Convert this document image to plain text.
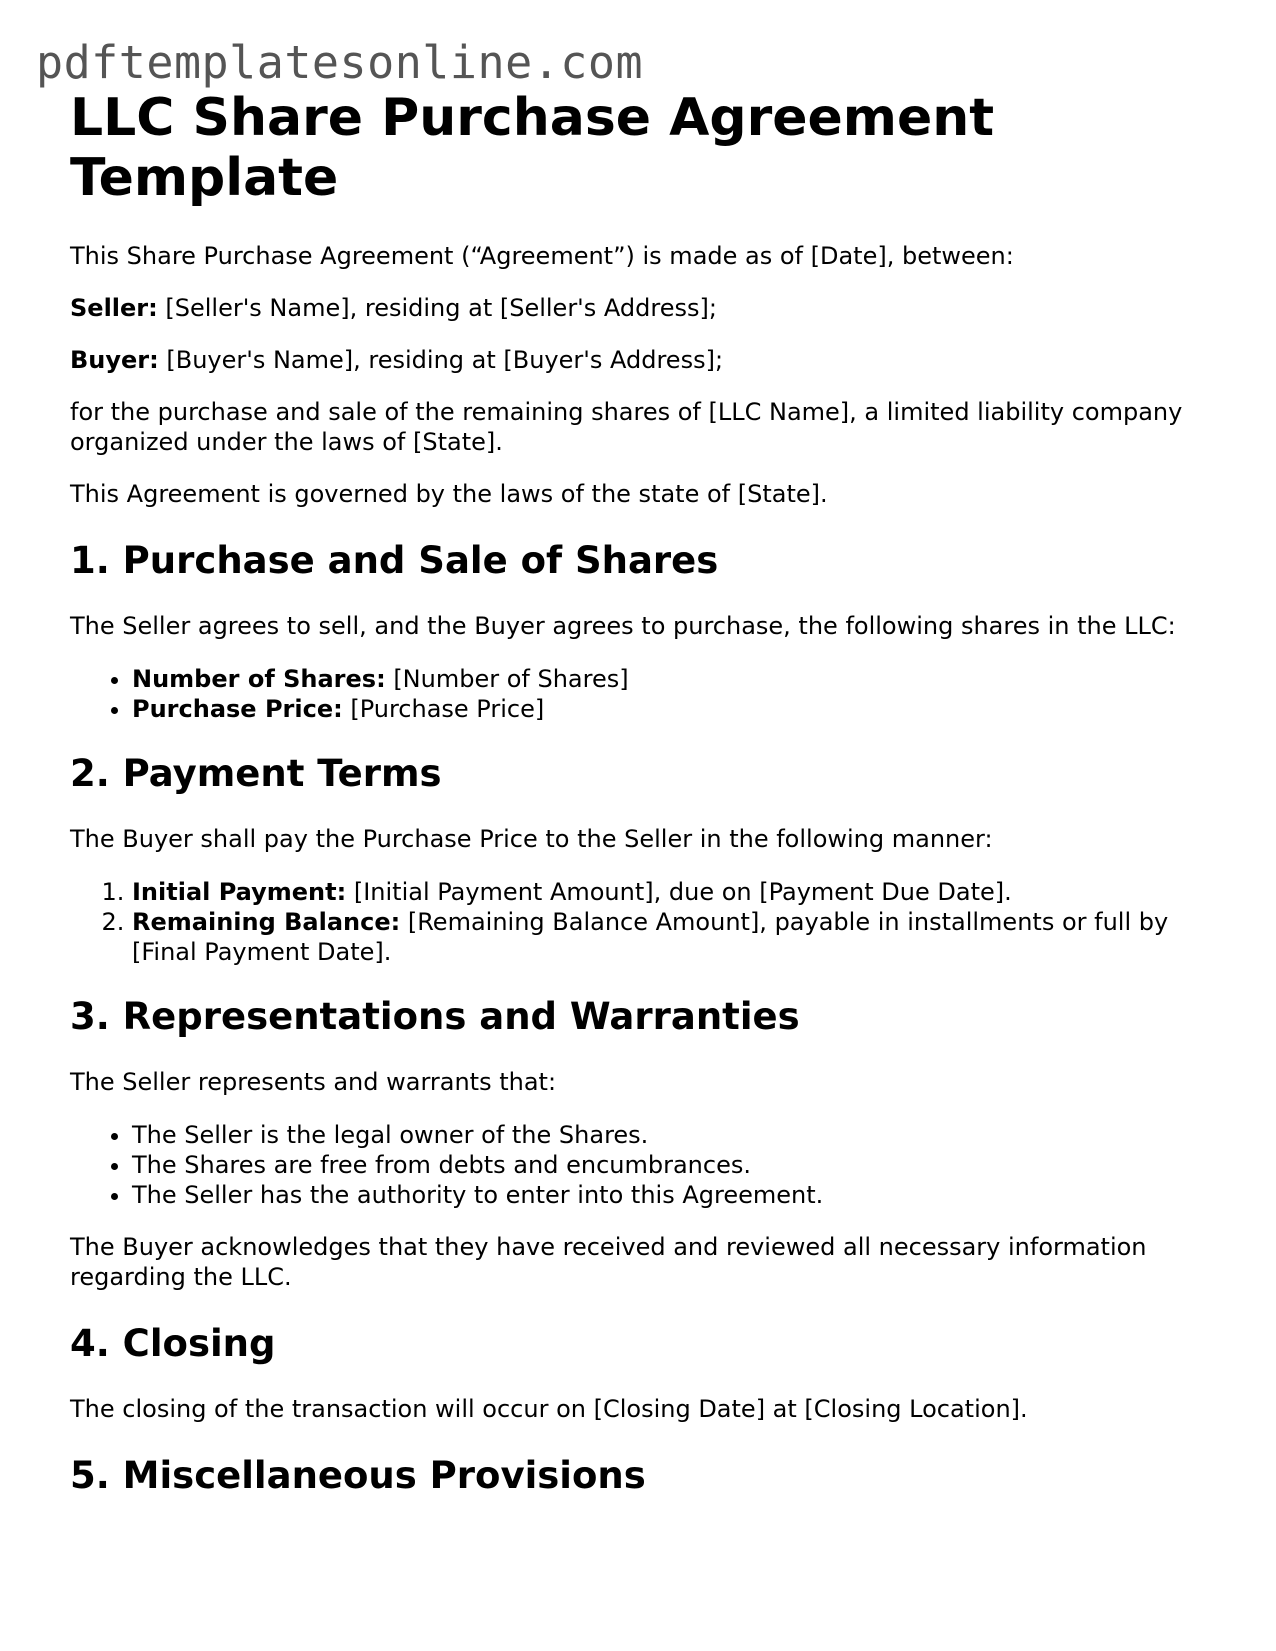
pdftemplatesonline.com
LLC Share Purchase Agreement Template

This Share Purchase Agreement (“Agreement”) is made as of [Date], between:

Seller: [Seller's Name], residing at [Seller's Address];

Buyer: [Buyer's Name], residing at [Buyer's Address];

for the purchase and sale of the remaining shares of [LLC Name], a limited liability company organized under the laws of [State].

This Agreement is governed by the laws of the state of [State].

1. Purchase and Sale of Shares

The Seller agrees to sell, and the Buyer agrees to purchase, the following shares in the LLC:

• Number of Shares: [Number of Shares]
• Purchase Price: [Purchase Price]
2. Payment Terms

The Buyer shall pay the Purchase Price to the Seller in the following manner:

1. Initial Payment: [Initial Payment Amount], due on [Payment Due Date].
2. Remaining Balance: [Remaining Balance Amount], payable in installments or full by [Final Payment Date].
3. Representations and Warranties

The Seller represents and warrants that:

• The Seller is the legal owner of the Shares.
• The Shares are free from debts and encumbrances.
• The Seller has the authority to enter into this Agreement.

The Buyer acknowledges that they have received and reviewed all necessary information regarding the LLC.

4. Closing

The closing of the transaction will occur on [Closing Date] at [Closing Location].

5. Miscellaneous Provisions
